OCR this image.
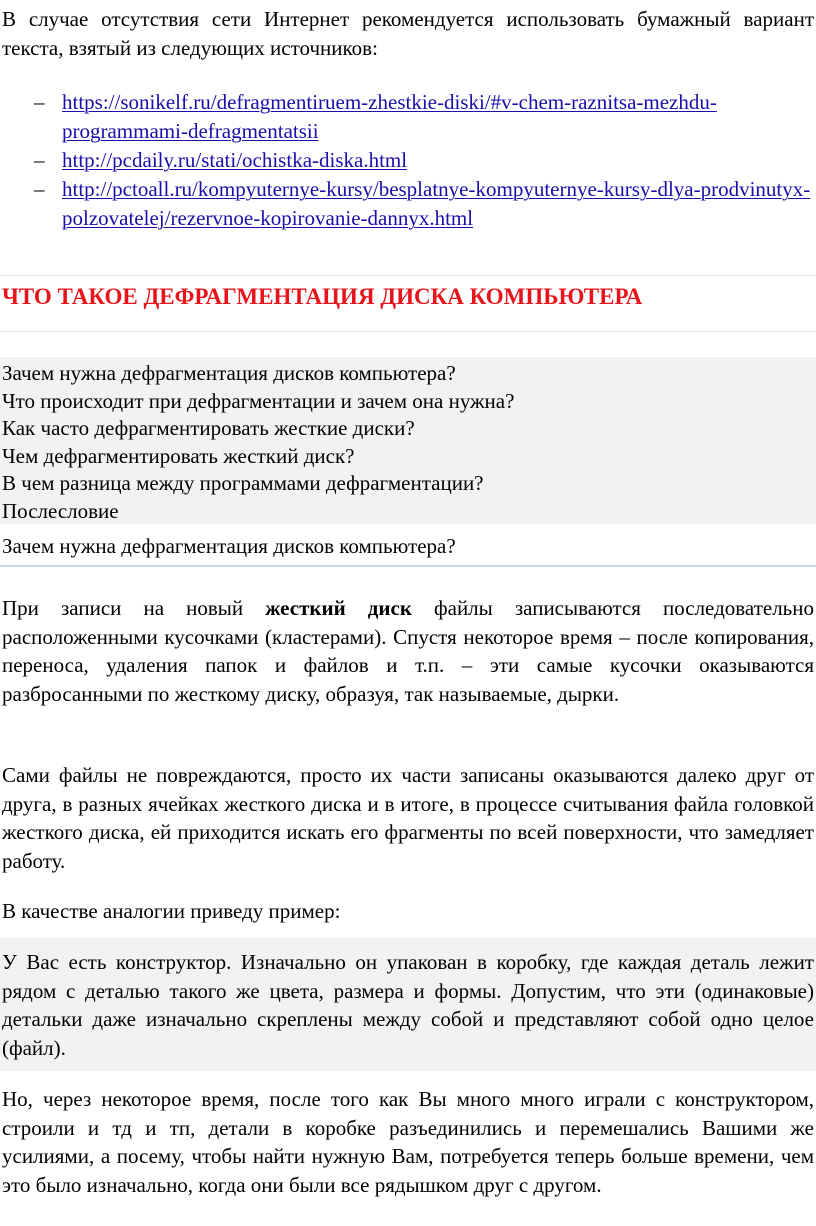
В случае отсутствия сети Интернет рекомендуется использовать бумажный вариант текста, взятый из следующих источников:

– https://sonikelf.ru/defragmentiruem-zhestkie-diski/#v-chem-raznitsa-mezhdu-programmami-defragmentatsii
– http://pcdaily.ru/stati/ochistka-diska.html
– http://pctoall.ru/kompyuternye-kursy/besplatnye-kompyuternye-kursy-dlya-prodvinutyx-polzovatelej/rezervnoe-kopirovanie-dannyx.html
ЧТО ТАКОЕ ДЕФРАГМЕНТАЦИЯ ДИСКА КОМПЬЮТЕРА
Зачем нужна дефрагментация дисков компьютера?
Что происходит при дефрагментации и зачем она нужна?
Как часто дефрагментировать жесткие диски?
Чем дефрагментировать жесткий диск?
В чем разница между программами дефрагментации?
Послесловие
Зачем нужна дефрагментация дисков компьютера?

При записи на новый жесткий диск файлы записываются последовательно расположенными кусочками (кластерами). Спустя некоторое время – после копирования, переноса, удаления папок и файлов и т.п. – эти самые кусочки оказываются разбросанными по жесткому диску, образуя, так называемые, дырки.

Сами файлы не повреждаются, просто их части записаны оказываются далеко друг от друга, в разных ячейках жесткого диска и в итоге, в процессе считывания файла головкой жесткого диска, ей приходится искать его фрагменты по всей поверхности, что замедляет работу.

В качестве аналогии приведу пример:

У Вас есть конструктор. Изначально он упакован в коробку, где каждая деталь лежит рядом с деталью такого же цвета, размера и формы. Допустим, что эти (одинаковые) детальки даже изначально скреплены между собой и представляют собой одно целое (файл).

Но, через некоторое время, после того как Вы много много играли с конструктором, строили и тд и тп, детали в коробке разъединились и перемешались Вашими же усилиями, а посему, чтобы найти нужную Вам, потребуется теперь больше времени, чем это было изначально, когда они были все рядышком друг с другом.
